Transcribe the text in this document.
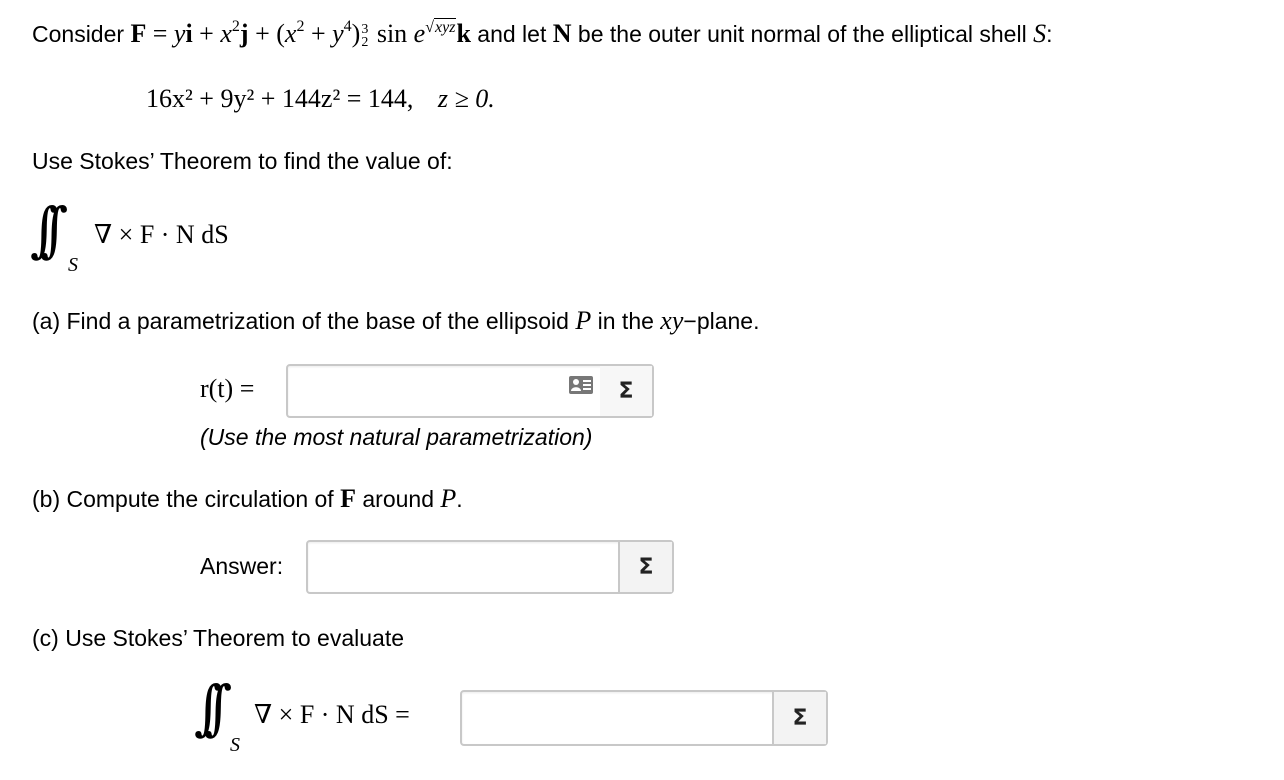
Consider F = yi + $x^2j + (x^2 + y^4)$ 3
2 sin e√xyzk and let N be the outer unit normal of the elliptical shell S:
16x² + 9y² + 144z² = 144, z ≥ 0.
Use Stokes’ Theorem to find the value of:
∫∫
S
∇ × F · N dS
(a) Find a parametrization of the base of the ellipsoid P in the xy−plane.
r(t) =	Σ
(Use the most natural parametrization)
(b) Compute the circulation of F around P.
Answer:	Σ
(c) Use Stokes’ Theorem to evaluate
∫∫
S
∇ × F · N dS =	Σ
